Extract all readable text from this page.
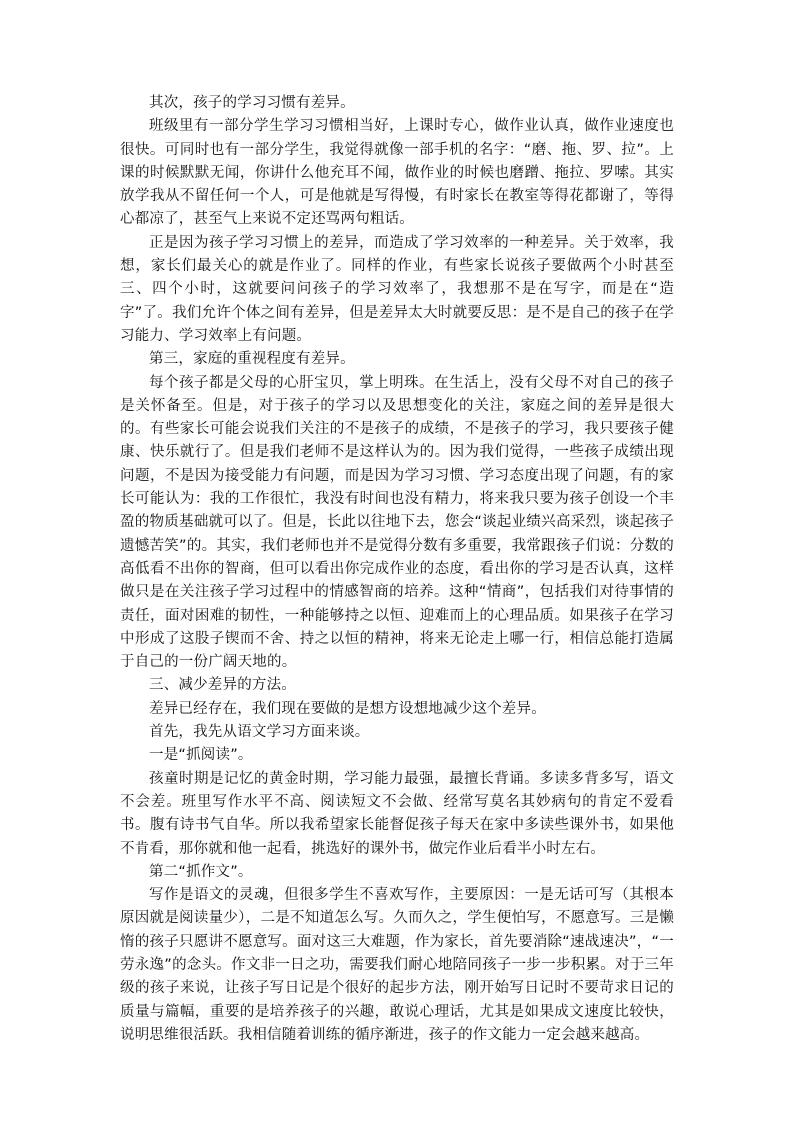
其次，孩子的学习习惯有差异。

班级里有一部分学生学习习惯相当好，上课时专心，做作业认真，做作业速度也很快。可同时也有一部分学生，我觉得就像一部手机的名字：“磨、拖、罗、拉”。上课的时候默默无闻，你讲什么他充耳不闻，做作业的时候也磨蹭、拖拉、罗嗦。其实放学我从不留任何一个人，可是他就是写得慢，有时家长在教室等得花都谢了，等得心都凉了，甚至气上来说不定还骂两句粗话。

正是因为孩子学习习惯上的差异，而造成了学习效率的一种差异。关于效率，我想，家长们最关心的就是作业了。同样的作业，有些家长说孩子要做两个小时甚至三、四个小时，这就要问问孩子的学习效率了，我想那不是在写字，而是在“造字”了。我们允许个体之间有差异，但是差异太大时就要反思：是不是自己的孩子在学习能力、学习效率上有问题。

第三，家庭的重视程度有差异。

每个孩子都是父母的心肝宝贝，掌上明珠。在生活上，没有父母不对自己的孩子是关怀备至。但是，对于孩子的学习以及思想变化的关注，家庭之间的差异是很大的。有些家长可能会说我们关注的不是孩子的成绩，不是孩子的学习，我只要孩子健康、快乐就行了。但是我们老师不是这样认为的。因为我们觉得，一些孩子成绩出现问题，不是因为接受能力有问题，而是因为学习习惯、学习态度出现了问题，有的家长可能认为：我的工作很忙，我没有时间也没有精力，将来我只要为孩子创设一个丰盈的物质基础就可以了。但是，长此以往地下去，您会“谈起业绩兴高采烈，谈起孩子遗憾苦笑”的。其实，我们老师也并不是觉得分数有多重要，我常跟孩子们说：分数的高低看不出你的智商，但可以看出你完成作业的态度，看出你的学习是否认真，这样做只是在关注孩子学习过程中的情感智商的培养。这种“情商”，包括我们对待事情的责任，面对困难的韧性，一种能够持之以恒、迎难而上的心理品质。如果孩子在学习中形成了这股子锲而不舍、持之以恒的精神，将来无论走上哪一行，相信总能打造属于自己的一份广阔天地的。

三、减少差异的方法。

差异已经存在，我们现在要做的是想方设想地减少这个差异。

首先，我先从语文学习方面来谈。

一是“抓阅读”。

孩童时期是记忆的黄金时期，学习能力最强，最擅长背诵。多读多背多写，语文不会差。班里写作水平不高、阅读短文不会做、经常写莫名其妙病句的肯定不爱看书。腹有诗书气自华。所以我希望家长能督促孩子每天在家中多读些课外书，如果他不肯看，那你就和他一起看，挑选好的课外书，做完作业后看半小时左右。

第二“抓作文”。

写作是语文的灵魂，但很多学生不喜欢写作，主要原因：一是无话可写（其根本原因就是阅读量少），二是不知道怎么写。久而久之，学生便怕写，不愿意写。三是懒惰的孩子只愿讲不愿意写。面对这三大难题，作为家长，首先要消除“速战速决”，“一劳永逸”的念头。作文非一日之功，需要我们耐心地陪同孩子一步一步积累。对于三年级的孩子来说，让孩子写日记是个很好的起步方法，刚开始写日记时不要苛求日记的质量与篇幅，重要的是培养孩子的兴趣，敢说心理话，尤其是如果成文速度比较快，说明思维很活跃。我相信随着训练的循序渐进，孩子的作文能力一定会越来越高。
